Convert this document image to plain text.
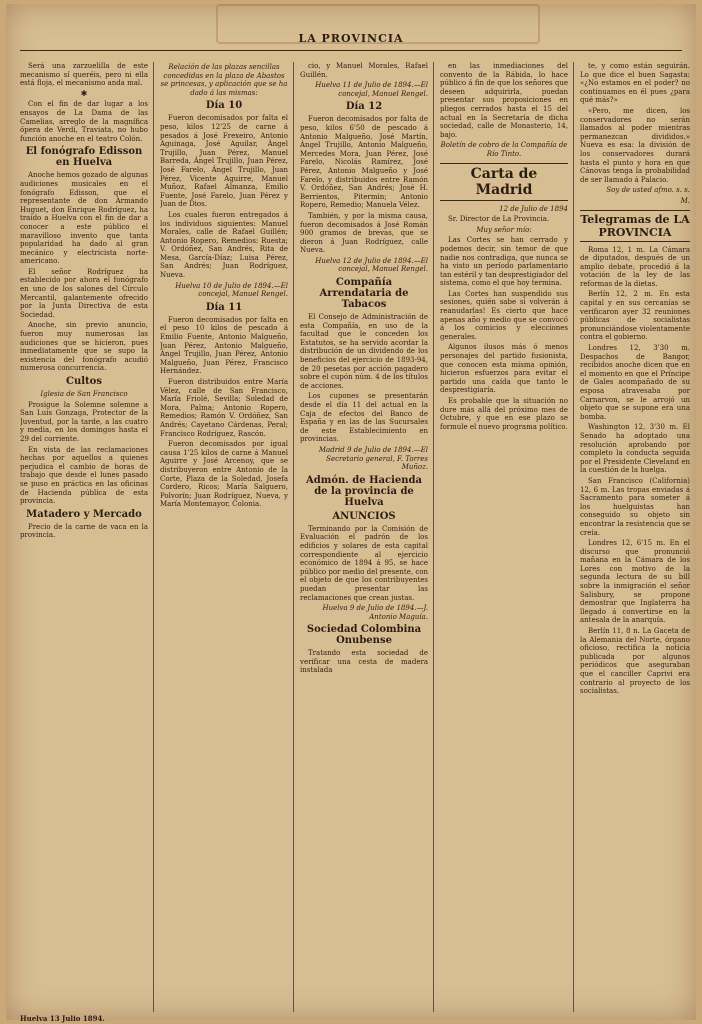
LA PROVINCIA

Será una zarzuelilla de este mecanismo sí queréis, pero ni ella está floja, el mecanismo anda mal.

✱

Con el fin de dar lugar a los ensayos de La Dama de las Camelias, arreglo de la magnífica ópera de Verdi, Traviata, no hubo función anoche en el teatro Colón.

El fonógrafo Edisson en Huelva

Anoche hemos gozado de algunas audiciones musicales en el fonógrafo Edisson, que el representante de don Armando Huguet, don Enrique Rodríguez, ha traído a Huelva con el fin de dar a conocer a este público el maravilloso invento que tanta popularidad ha dado al gran mecánico y electricista norte-americano.

El señor Rodríguez ha establecido por ahora el fonógrafo en uno de los salones del Círculo Mercantil, galantemente ofrecido por la Junta Directiva de esta Sociedad.

Anoche, sin previo anuncio, fueron muy numerosas las audiciones que se hicieron, pues inmediatamente que se supo la existencia del fonógrafo acudió numerosa concurrencia.

Cultos

Iglesia de San Francisco

Prosigue la Solemne solemne a San Luis Gonzaga, Protector de la Juventud, por la tarde, a las cuatro y media, en los domingos hasta el 29 del corriente.

En vista de las reclamaciones hechas por aquellos a quienes perjudica el cambio de horas de trabajo que desde el lunes pasado se puso en práctica en las oficinas de Hacienda pública de esta provincia.

Matadero y Mercado

Precio de la carne de vaca en la provincia.

Huelva 13 Julio 1894.

Relación de las plazas sencillas concedidas en la plaza de Abastos se princesas, y aplicación que se ha dado á las mismas:

Día 10

Fueron decomisados por falta el peso, kilos 12'25 de carne á pesados á José Frexeiro, Antonio Aguinaga, José Aguilar, Ángel Trujillo, Juan Pérez, Manuel Barreda, Ángel Trujillo, Juan Pérez, José Farelo, Ángel Trujillo, Juan Pérez, Vicente Aguirre, Manuel Muñoz, Rafael Almanza, Emilio Fuente, José Farelo, Juan Pérez y Juan de Dios.

Los cuales fueron entregados á los individuos siguientes: Manuel Morales, calle de Rafael Guillén; Antonio Ropero, Remedios: Ruesta; V. Ordóñez, San Andrés, Rita de Mesa, García-Díaz; Luisa Pérez, San Andrés; Juan Rodríguez, Nueva.

Huelva 10 de Julio de 1894.—El concejal, Manuel Rengel.

Día 11

Fueron decomisados por falta en el peso 10 kilos de pescado á Emilio Fuente, Antonio Malgueño, Juan Pérez, Antonio Malgueño, Ángel Trujillo, Juan Pérez, Antonio Malgueño, Juan Pérez, Francisco Hernández.

Fueron distribuidos entre María Vélez, calle de San Francisco, María Friolé, Sevilla; Soledad de Mora, Palma; Antonio Ropero, Remedios; Ramón V. Ordóñez, San Andrés; Cayetano Cárdenas, Peral; Francisco Rodríguez, Rascón.

Fueron decomisados por igual causa 1'25 kilos de carne á Manuel Aguirre y José Arcenoy, que se distribuyeron entre Antonio de la Corte, Plaza de la Soledad, Josefa Cordero, Ricos; María Salguero, Polvorín; Juan Rodríguez, Nueva, y María Montemayor, Colonia.

cio, y Manuel Morales, Rafael Guillén.

Huelva 11 de Julio de 1894.—El concejal, Manuel Rengel.

Día 12

Fueron decomisados por falta de peso, kilos 6'50 de pescado á Antonio Malgueño, José Martín, Ángel Trujillo, Antonio Malgueño, Mercedes Mora, Juan Pérez, José Farelo, Nicolás Ramírez, José Pérez, Antonio Malgueño y José Farelo, y distribuidos entre Ramón V. Ordóñez, San Andrés; José H. Berrientos, Pitermin; Antonio Ropero, Remedio; Manuela Vélez.

También, y por la misma causa, fueron decomisados á José Román 900 gramos de brevas, que se dieron á Juan Rodríguez, calle Nueva.

Huelva 12 de Julio de 1894.—El concejal, Manuel Rengel.

Compañía Arrendataria de Tabacos

El Consejo de Administración de esta Compañía, en uso de la facultad que le conceden los Estatutos, se ha servido acordar la distribución de un dividendo de los beneficios del ejercicio de 1893-94, de 20 pesetas por acción pagadero sobre el cupón núm. 4 de los títulos de acciones.

Los cupones se presentarán desde el día 11 del actual en la Caja de efectos del Banco de España y en las de las Sucursales de este Establecimiento en provincias.

Madrid 9 de Julio de 1894.—El Secretario general, F. Torres Muñoz.

Admón. de Hacienda de la provincia de Huelva

ANUNCIOS

Terminando por la Comisión de Evaluación el padrón de los edificios y solares de esta capital correspondiente al ejercicio económico de 1894 á 95, se hace público por medio del presente, con el objeto de que los contribuyentes puedan presentar las reclamaciones que crean justas.

Huelva 9 de Julio de 1894.—J. Antonio Maguía.

Sociedad Colombina Onubense

Tratando esta sociedad de verificar una cesta de madera instalada

en las inmediaciones del convento de la Rábida, lo hace público á fin de que los señores que deseen adquirirla, puedan presentar sus proposiciones en pliegos cerrados hasta el 15 del actual en la Secretaría de dicha sociedad, calle de Monasterio, 14, bajo.

Boletín de cobro de la Compañía de Río Tinto.

Carta de Madrid

12 de Julio de 1894

Sr. Director de La Provincia.

Muy señor mío:

Las Cortes se han cerrado y podemos decir, sin temor de que nadie nos contradiga, que nunca se ha visto un período parlamentario tan estéril y tan desprestigiador del sistema, como el que hoy termina.

Las Cortes han suspendido sus sesiones, quién sabe si volverán á reanudarlas! Es cierto que hace apenas año y medio que se convocó á los comicios y elecciones generales.

Algunos ilusos más ó menos personajes del partido fusionista, que conocen esta misma opinión, hicieron esfuerzos para evitar el partido una caída que tanto le desprestigiaría.

Es probable que la situación no dure más allá del próximo mes de Octubre, y que en ese plazo se formule el nuevo programa político.

te, y como están seguirán. Lo que dice el buen Sagasta: «¿No estamos en el poder? no continuamos en él pues ¿para qué más?»

«Pero, me dicen, los conservadores no serán llamados al poder mientras permanezcan divididos.» Nueva es esa: la división de los conservadores durará hasta el punto y hora en que Cánovas tenga la probabilidad de ser llamado á Palacio.

Soy de usted afmo. s. s.

M.

Telegramas de LA PROVINCIA

Roma 12, 1 m. La Cámara de diputados, después de un amplio debate, procedió á la votación de la ley de las reformas de la dietas.

Berlín 12, 2 m. En esta capital y en sus cercanías se verificaron ayer 32 reuniones públicas de socialistas pronunciándose violentamente contra el gobierno.

Londres 12, 3'30 m. Despachos de Bangor, recibidos anoche dicen que en el momento en que el Príncipe de Gales acompañado de su esposa atravesaba por Carnarvon, se le arrojó un objeto que se supone era una bomba.

Washington 12, 3'30 m. El Senado ha adoptado una resolución aprobando por completo la conducta seguida por el Presidente Cleveland en la cuestión de la huelga.

San Francisco (California) 12, 6 m. Las tropas enviadas á Sacramento para someter á los huelguistas han conseguido su objeto sin encontrar la resistencia que se creía.

Londres 12, 6'15 m. En el discurso que pronunció mañana en la Cámara de los Lores con motivo de la segunda lectura de su bill sobre la inmigración el señor Salisbury, se propone demostrar que Inglaterra ha llegado á convertirse en la antesala de la anarquía.

Berlín 11, 8 n. La Gaceta de la Alemania del Norte, órgano oficioso, rectifica la noticia publicada por algunos periódicos que aseguraban que el canciller Caprivi era contrario al proyecto de los socialistas.
